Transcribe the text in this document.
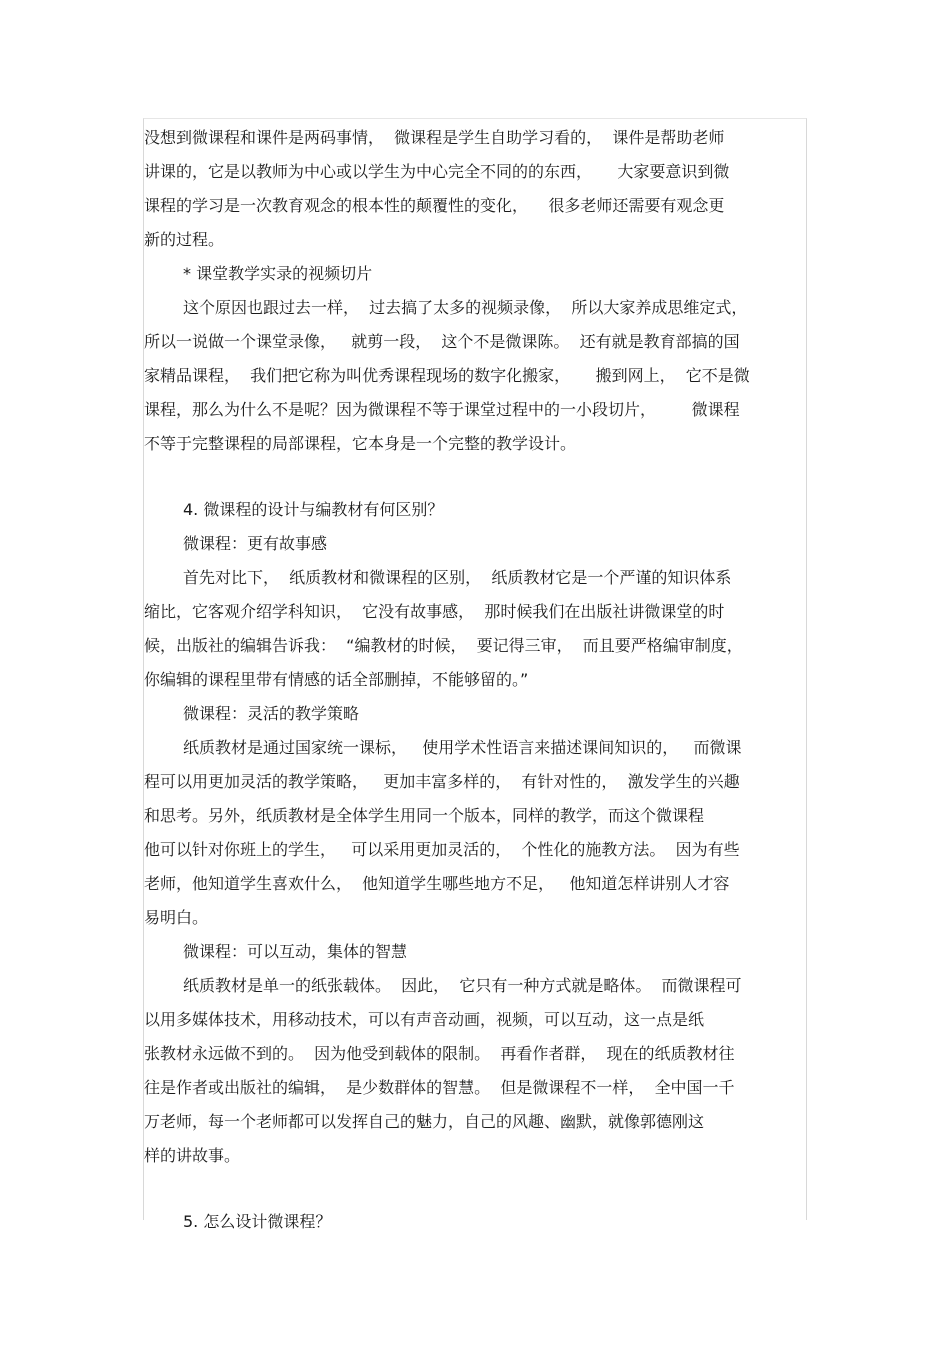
没想到微课程和课件是两码事情，  微课程是学生自助学习看的，  课件是帮助老师
讲课的，它是以教师为中心或以学生为中心完全不同的的东西，     大家要意识到微
课程的学习是一次教育观念的根本性的颠覆性的变化，    很多老师还需要有观念更
新的过程。
* 课堂教学实录的视频切片
这个原因也跟过去一样，  过去搞了太多的视频录像，  所以大家养成思维定式，
所以一说做一个课堂录像，   就剪一段，  这个不是微课陈。  还有就是教育部搞的国
家精品课程，  我们把它称为叫优秀课程现场的数字化搬家，     搬到网上，  它不是微
课程，那么为什么不是呢？因为微课程不等于课堂过程中的一小段切片，       微课程
不等于完整课程的局部课程，它本身是一个完整的教学设计。
4. 微课程的设计与编教材有何区别？
微课程：更有故事感
首先对比下，  纸质教材和微课程的区别，  纸质教材它是一个严谨的知识体系
缩比，它客观介绍学科知识，  它没有故事感，  那时候我们在出版社讲微课堂的时
候，出版社的编辑告诉我：  “编教材的时候，  要记得三审，  而且要严格编审制度，
你编辑的课程里带有情感的话全部删掉，不能够留的。”
微课程：灵活的教学策略
纸质教材是通过国家统一课标，   使用学术性语言来描述课间知识的，   而微课
程可以用更加灵活的教学策略，   更加丰富多样的，  有针对性的，  激发学生的兴趣
和思考。另外，纸质教材是全体学生用同一个版本，同样的教学，而这个微课程
他可以针对你班上的学生，   可以采用更加灵活的，  个性化的施教方法。  因为有些
老师，他知道学生喜欢什么，  他知道学生哪些地方不足，   他知道怎样讲别人才容
易明白。
微课程：可以互动，集体的智慧
纸质教材是单一的纸张载体。  因此，  它只有一种方式就是略体。  而微课程可
以用多媒体技术，用移动技术，可以有声音动画，视频，可以互动，这一点是纸
张教材永远做不到的。  因为他受到载体的限制。  再看作者群，  现在的纸质教材往
往是作者或出版社的编辑，  是少数群体的智慧。  但是微课程不一样，  全中国一千
万老师，每一个老师都可以发挥自己的魅力，自己的风趣、幽默，就像郭德刚这
样的讲故事。
5. 怎么设计微课程？
